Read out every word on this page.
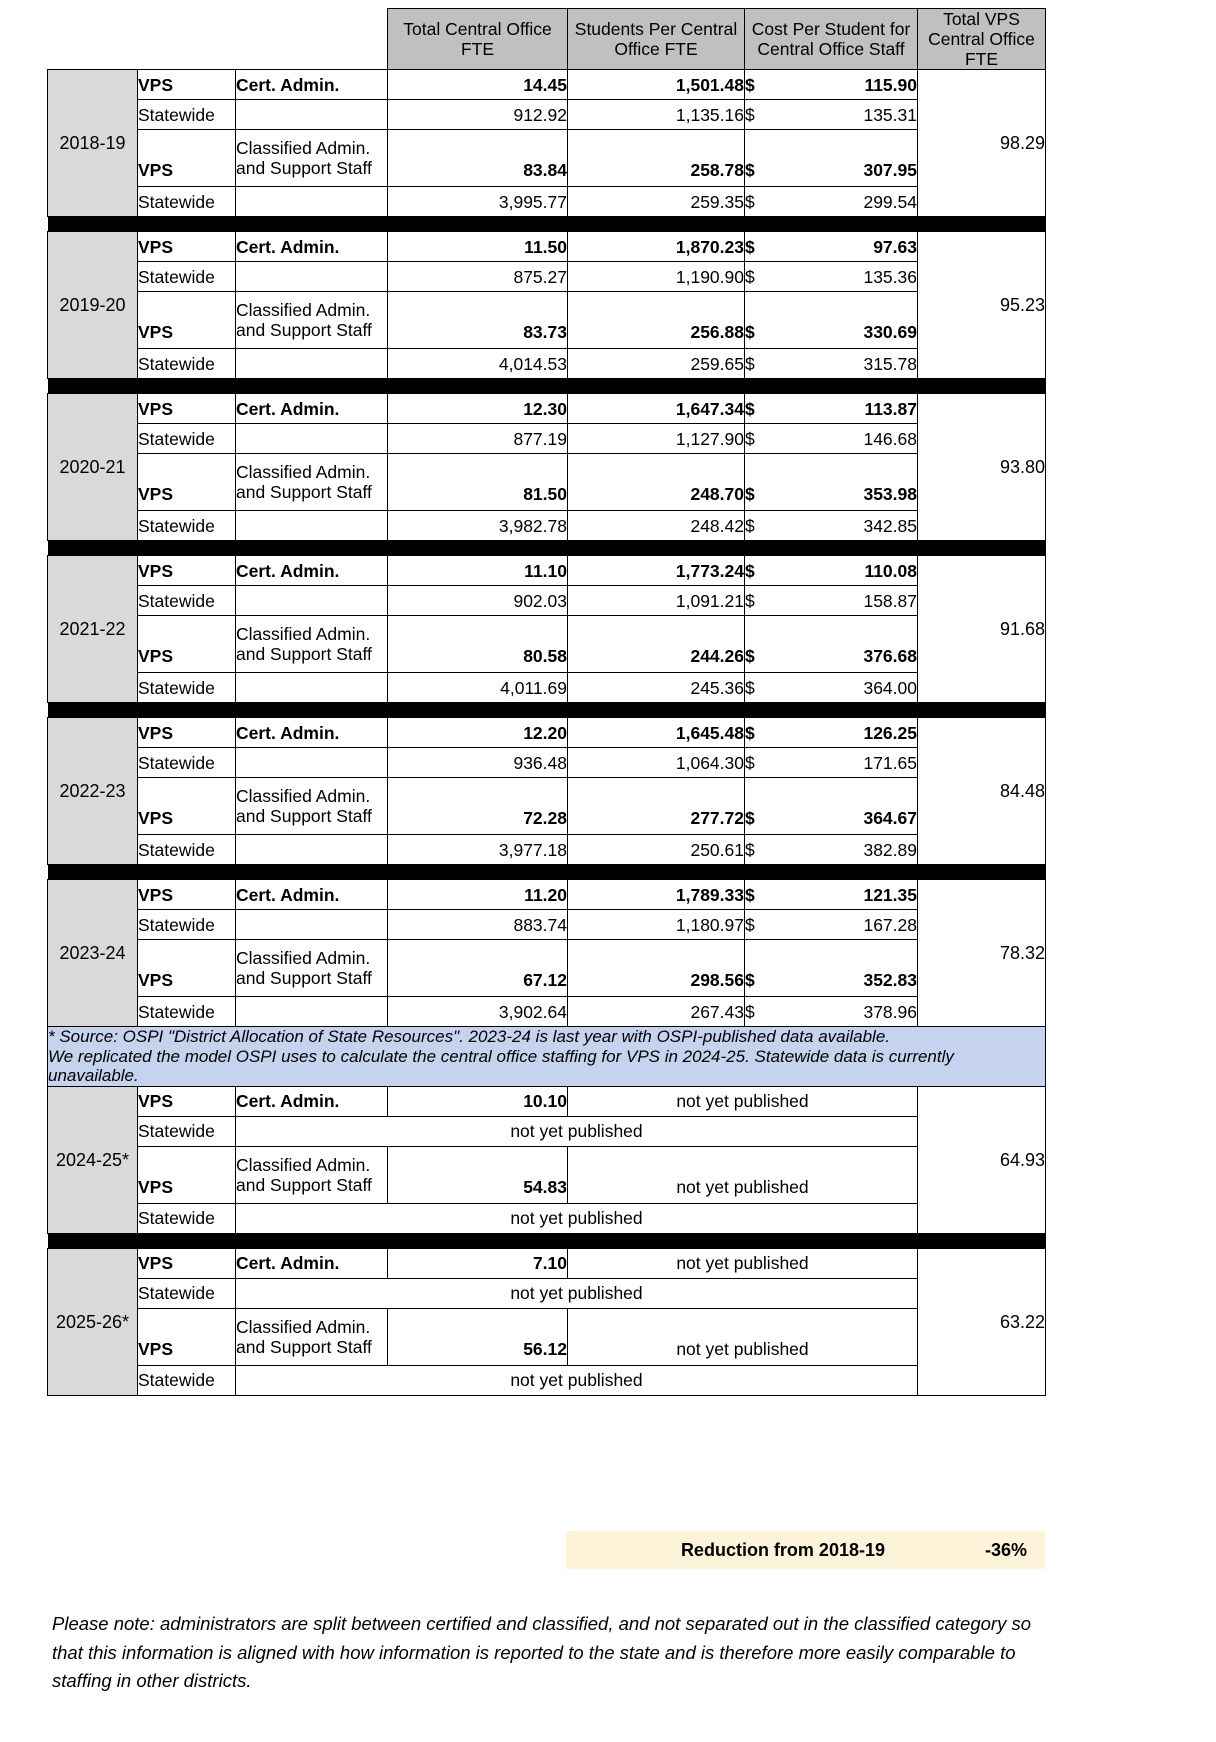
			Total Central Office FTE	Students Per Central Office FTE	Cost Per Student for Central Office Staff		Total VPS Central Office FTE
2018-19	VPS	Cert. Admin.	14.45	1,501.48	$	115.90	98.29
	Statewide		912.92	1,135.16	$	135.31	

	VPS	Classified Admin.
and Support Staff	83.84	258.78	$	307.95	

	Statewide		3,995.77	259.35	$	299.54	

2019-20	VPS	Cert. Admin.	11.50	1,870.23	$	97.63	95.23
	Statewide		875.27	1,190.90	$	135.36	

	VPS	Classified Admin.
and Support Staff	83.73	256.88	$	330.69	

	Statewide		4,014.53	259.65	$	315.78	

2020-21	VPS	Cert. Admin.	12.30	1,647.34	$	113.87	93.80
	Statewide		877.19	1,127.90	$	146.68	

	VPS	Classified Admin.
and Support Staff	81.50	248.70	$	353.98	

	Statewide		3,982.78	248.42	$	342.85	

2021-22	VPS	Cert. Admin.	11.10	1,773.24	$	110.08	91.68
	Statewide		902.03	1,091.21	$	158.87	

	VPS	Classified Admin.
and Support Staff	80.58	244.26	$	376.68	

	Statewide		4,011.69	245.36	$	364.00	

2022-23	VPS	Cert. Admin.	12.20	1,645.48	$	126.25	84.48
	Statewide		936.48	1,064.30	$	171.65	

	VPS	Classified Admin.
and Support Staff	72.28	277.72	$	364.67	

	Statewide		3,977.18	250.61	$	382.89	

2023-24	VPS	Cert. Admin.	11.20	1,789.33	$	121.35	78.32
	Statewide		883.74	1,180.97	$	167.28	

	VPS	Classified Admin.
and Support Staff	67.12	298.56	$	352.83	

	Statewide		3,902.64	267.43	$	378.96	

* Source: OSPI "District Allocation of State Resources". 2023-24 is last year with OSPI-published data available.
We replicated the model OSPI uses to calculate the central office staffing for VPS in 2024-25. Statewide data is currently
unavailable.							

2024-25*	VPS	Cert. Admin.	10.10	not yet published			64.93
	Statewide	not yet published					

	VPS	Classified Admin.
and Support Staff	54.83	not yet published			

	Statewide	not yet published					

2025-26*	VPS	Cert. Admin.	7.10	not yet published			63.22
	Statewide	not yet published					

	VPS	Classified Admin.
and Support Staff	56.12	not yet published			

	Statewide	not yet published					
Reduction from 2018-19	-36%
Please note: administrators are split between certified and classified, and not separated out in the classified category so that this information is aligned with how information is reported to the state and is therefore more easily comparable to staffing in other districts.
